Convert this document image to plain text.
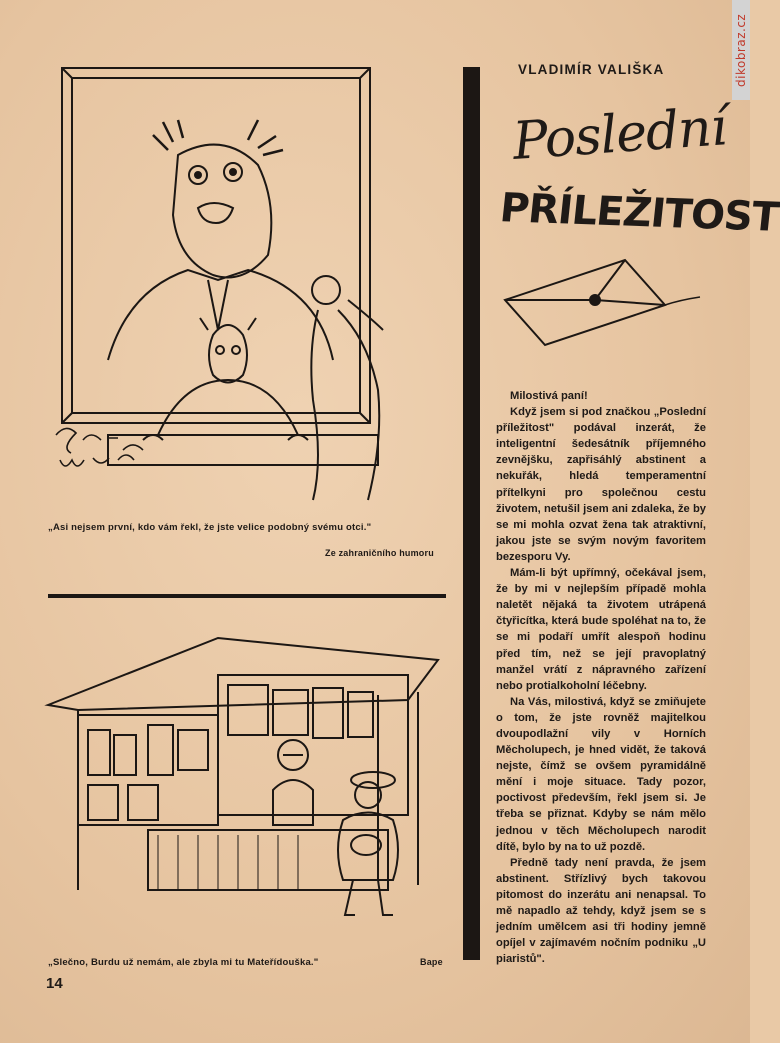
dikobraz.cz
„Asi nejsem první, kdo vám řekl, že jste velice podobný svému otci."
Ze zahraničního humoru
„Slečno, Burdu už nemám, ale zbyla mi tu Mateřídouška."	Bape
VLADIMÍR VALIŠKA
Poslední
PŘÍLEŽITOST

Milostivá paní!

Když jsem si pod značkou „Poslední příležitost" podával inzerát, že inteligentní šedesátník příjemného zevnějšku, zapřisáhlý abstinent a nekuřák, hledá temperamentní přítelkyni pro společnou cestu životem, netušil jsem ani zdaleka, že by se mi mohla ozvat žena tak atraktivní, jakou jste se svým novým favoritem bezesporu Vy.

Mám-li být upřímný, očekával jsem, že by mi v nejlepším případě mohla naletět nějaká ta životem utrápená čtyřicítka, která bude spoléhat na to, že se mi podaří umřít alespoň hodinu před tím, než se její pravoplatný manžel vrátí z nápravného zařízení nebo protialkoholní léčebny.

Na Vás, milostivá, když se zmiňujete o tom, že jste rovněž majitelkou dvoupodlažní vily v Horních Měcholupech, je hned vidět, že taková nejste, čímž se ovšem pyramidálně mění i moje situace. Tady pozor, poctivost především, řekl jsem si. Je třeba se přiznat. Kdyby se nám mělo jednou v těch Měcholupech narodit dítě, bylo by na to už pozdě.

Předně tady není pravda, že jsem abstinent. Střízlivý bych takovou pitomost do inzerátu ani nenapsal. To mě napadlo až tehdy, když jsem se s jedním umělcem asi tři hodiny jemně opíjel v zajímavém nočním podniku „U piaristů".

14
